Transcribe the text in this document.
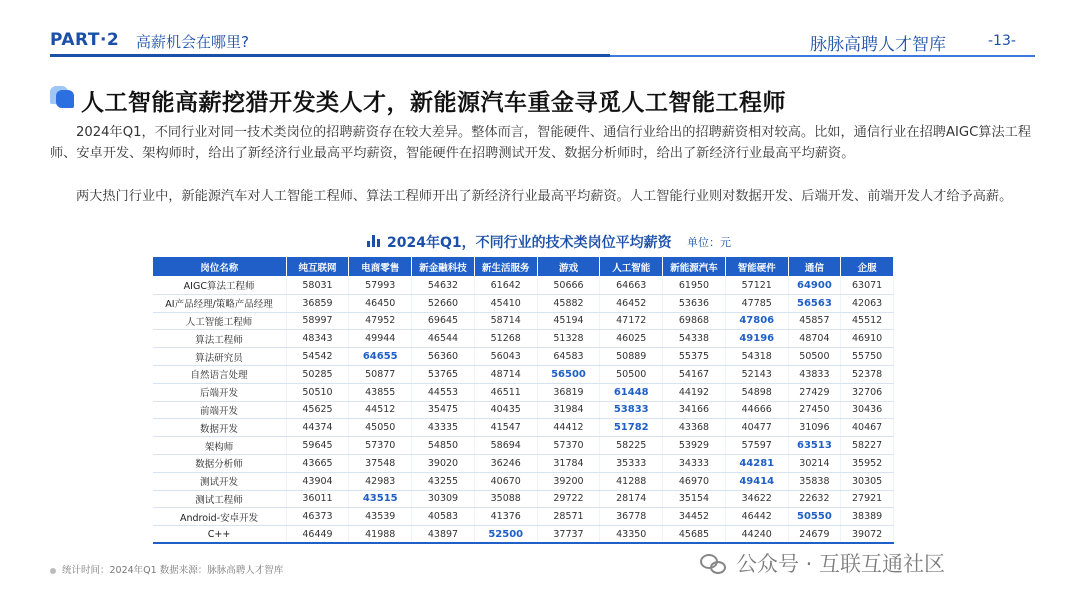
PART·2 高薪机会在哪里?	脉脉高聘人才智库	-13-
人工智能高薪挖猎开发类人才，新能源汽车重金寻觅人工智能工程师

2024年Q1，不同行业对同一技术类岗位的招聘薪资存在较大差异。整体而言，智能硬件、通信行业给出的招聘薪资相对较高。比如，通信行业在招聘AIGC算法工程师、安卓开发、架构师时，给出了新经济行业最高平均薪资，智能硬件在招聘测试开发、数据分析师时，给出了新经济行业最高平均薪资。

两大热门行业中，新能源汽车对人工智能工程师、算法工程师开出了新经济行业最高平均薪资。人工智能行业则对数据开发、后端开发、前端开发人才给予高薪。

2024年Q1，不同行业的技术类岗位平均薪资 单位：元
岗位名称	纯互联网	电商零售	新金融科技	新生活服务	游戏	人工智能	新能源汽车	智能硬件	通信	企服
AIGC算法工程师	58031	57993	54632	61642	50666	64663	61950	57121	64900	63071
AI产品经理/策略产品经理	36859	46450	52660	45410	45882	46452	53636	47785	56563	42063
人工智能工程师	58997	47952	69645	58714	45194	47172	69868	47806	45857	45512
算法工程师	48343	49944	46544	51268	51328	46025	54338	49196	48704	46910
算法研究员	54542	64655	56360	56043	64583	50889	55375	54318	50500	55750
自然语言处理	50285	50877	53765	48714	56500	50500	54167	52143	43833	52378
后端开发	50510	43855	44553	46511	36819	61448	44192	54898	27429	32706
前端开发	45625	44512	35475	40435	31984	53833	34166	44666	27450	30436
数据开发	44374	45050	43335	41547	44412	51782	43368	40477	31096	40467
架构师	59645	57370	54850	58694	57370	58225	53929	57597	63513	58227
数据分析师	43665	37548	39020	36246	31784	35333	34333	44281	30214	35952
测试开发	43904	42983	43255	40670	39200	41288	46970	49414	35838	30305
测试工程师	36011	43515	30309	35088	29722	28174	35154	34622	22632	27921
Android-安卓开发	46373	43539	40583	41376	28571	36778	34452	46442	50550	38389
C++	46449	41988	43897	52500	37737	43350	45685	44240	24679	39072
统计时间：2024年Q1 数据来源：脉脉高聘人才智库	公众号 · 互联互通社区
